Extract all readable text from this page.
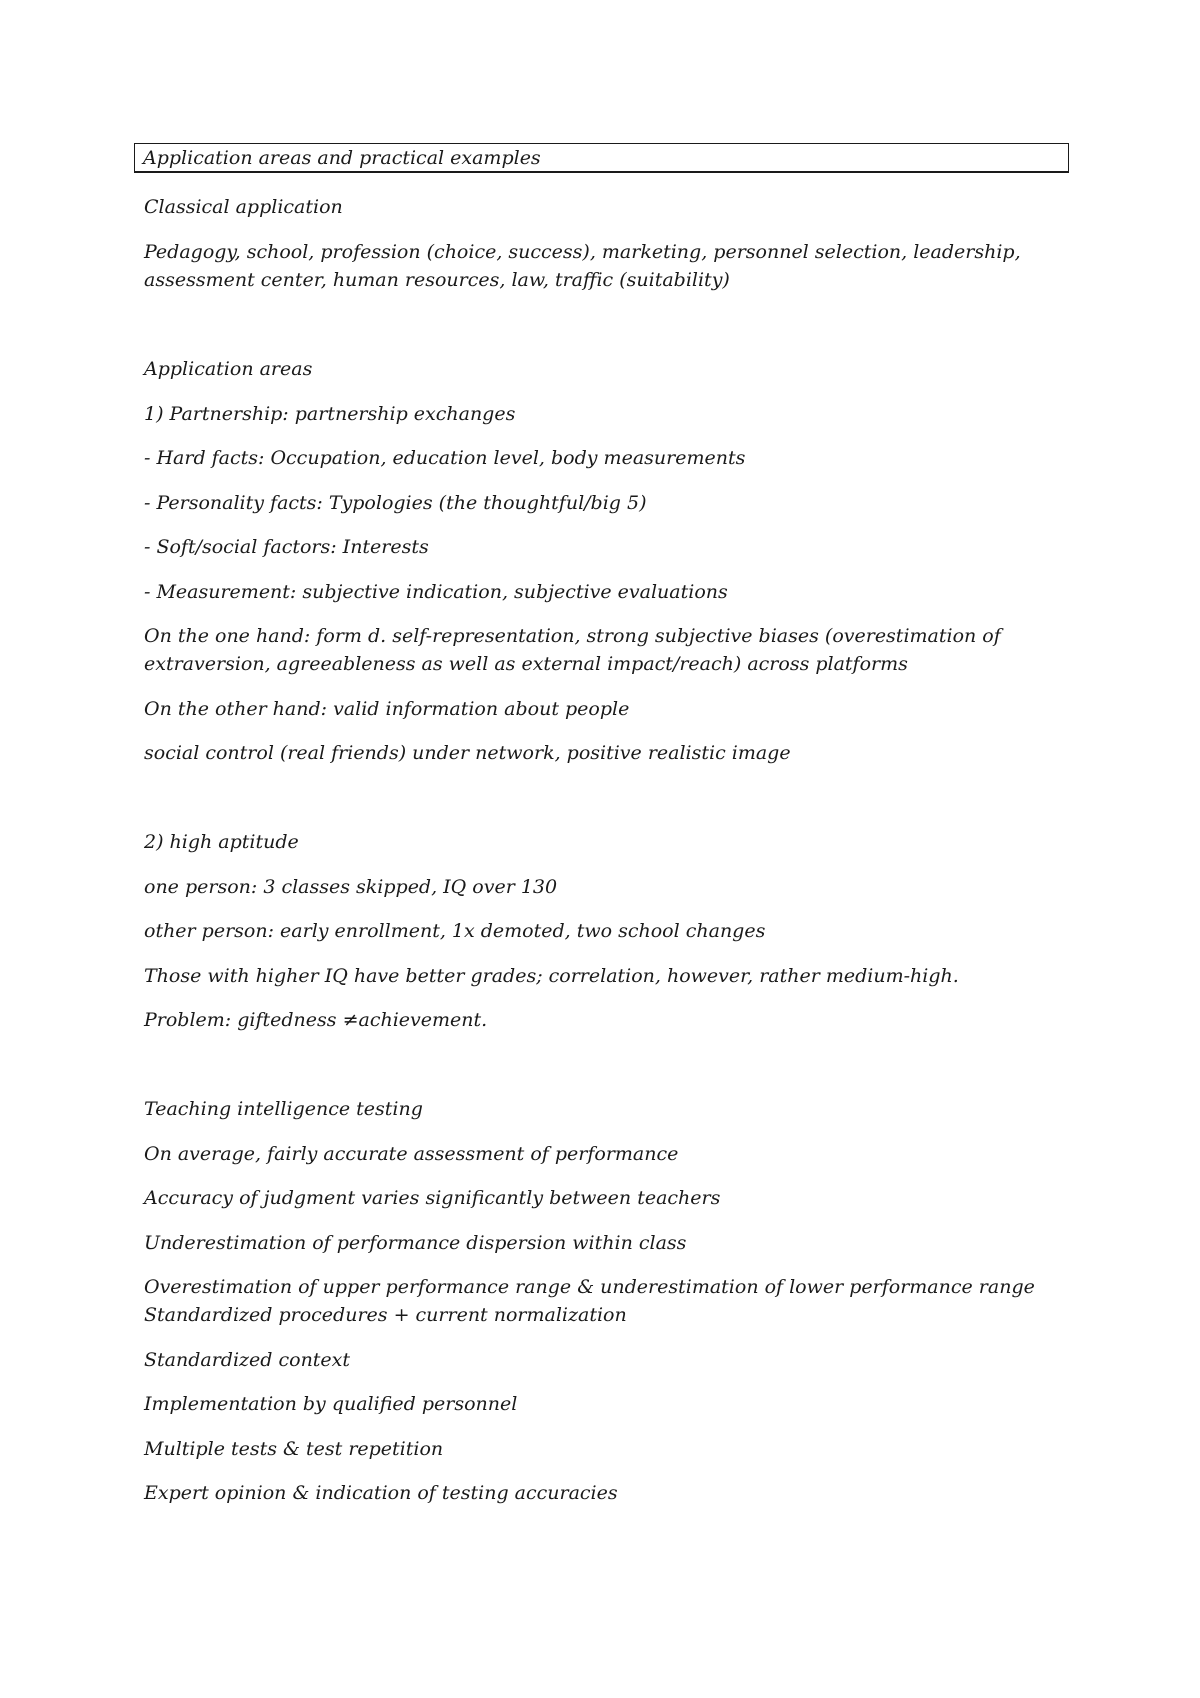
Application areas and practical examples
Classical application
Pedagogy, school, profession (choice, success), marketing, personnel selection, leadership,
assessment center, human resources, law, traffic (suitability)
Application areas
1) Partnership: partnership exchanges
- Hard facts: Occupation, education level, body measurements
- Personality facts: Typologies (the thoughtful/big 5)
- Soft/social factors: Interests
- Measurement: subjective indication, subjective evaluations
On the one hand: form d. self-representation, strong subjective biases (overestimation of
extraversion, agreeableness as well as external impact/reach) across platforms
On the other hand: valid information about people
social control (real friends) under network, positive realistic image
2) high aptitude
one person: 3 classes skipped, IQ over 130
other person: early enrollment, 1x demoted, two school changes
Those with higher IQ have better grades; correlation, however, rather medium-high.
Problem: giftedness ≠achievement.
Teaching intelligence testing
On average, fairly accurate assessment of performance
Accuracy of judgment varies significantly between teachers
Underestimation of performance dispersion within class
Overestimation of upper performance range & underestimation of lower performance range
Standardized procedures + current normalization
Standardized context
Implementation by qualified personnel
Multiple tests & test repetition
Expert opinion & indication of testing accuracies
